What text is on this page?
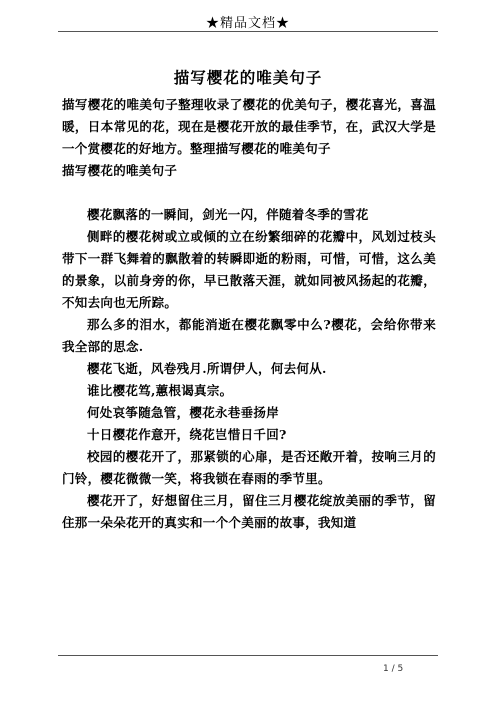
★精品文档★
描写樱花的唯美句子

描写樱花的唯美句子整理收录了樱花的优美句子，樱花喜光，喜温暖，日本常见的花，现在是樱花开放的最佳季节，在，武汉大学是一个赏樱花的好地方。整理描写樱花的唯美句子

描写樱花的唯美句子

樱花飘落的一瞬间，剑光一闪，伴随着冬季的雪花

侧畔的樱花树或立或倾的立在纷繁细碎的花瓣中，风划过枝头带下一群飞舞着的飘散着的转瞬即逝的粉雨，可惜，可惜，这么美的景象，以前身旁的你，早已散落天涯，就如同被风扬起的花瓣，不知去向也无所踪。

那么多的泪水，都能消逝在樱花飘零中么?樱花，会给你带来我全部的思念.

樱花飞逝，风卷残月.所谓伊人，何去何从.

谁比樱花笃,蕙根谒真宗。

何处哀筝随急管，樱花永巷垂扬岸

十日樱花作意开，绕花岂惜日千回?

校园的樱花开了，那紧锁的心扉，是否还敞开着，按响三月的门铃，樱花微微一笑，将我锁在春雨的季节里。

樱花开了，好想留住三月，留住三月樱花绽放美丽的季节，留住那一朵朵花开的真实和一个个美丽的故事，我知道

1 / 5
